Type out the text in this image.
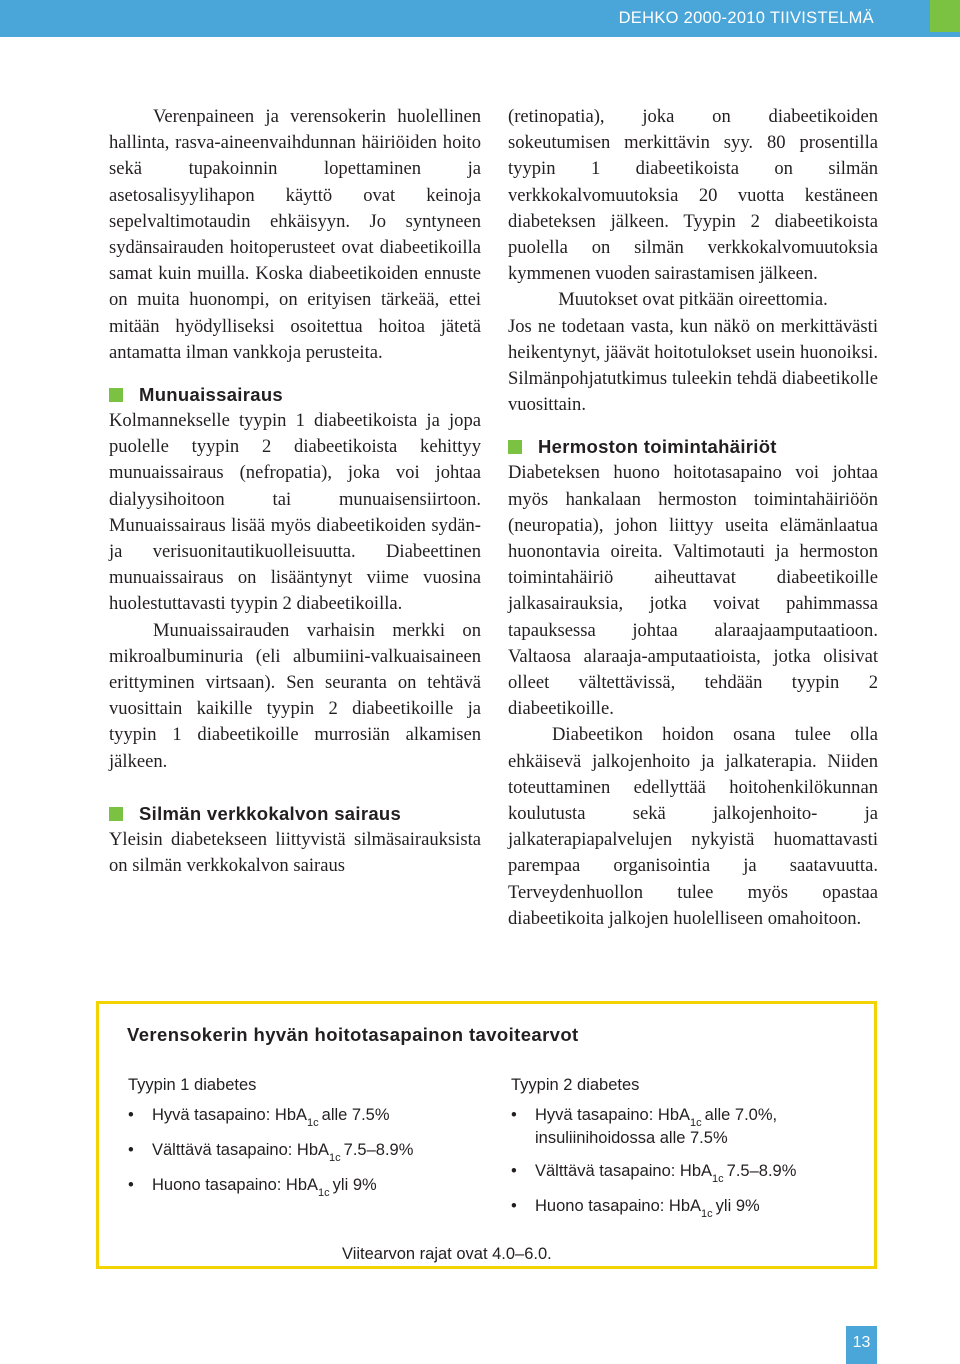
DEHKO 2000-2010 TIIVISTELMÄ

Verenpaineen ja verensokerin huolellinen hallinta, rasva-aineenvaihdunnan häiriöiden hoito sekä tupakoinnin lopettaminen ja asetosalisyylihapon käyttö ovat keinoja sepelvaltimotaudin ehkäisyyn. Jo syntyneen sydänsairauden hoitoperusteet ovat diabeetikoilla samat kuin muilla. Koska diabeetikoiden ennuste on muita huonompi, on erityisen tärkeää, ettei mitään hyödylliseksi osoitettua hoitoa jätetä antamatta ilman vankkoja perusteita.

Munuaissairaus

Kolmannekselle tyypin 1 diabeetikoista ja jopa puolelle tyypin 2 diabeetikoista kehittyy munuaissairaus (nefropatia), joka voi johtaa dialyysihoitoon tai munuaisensiirtoon. Munuaissairaus lisää myös diabeetikoiden sydän- ja verisuonitautikuolleisuutta. Diabeettinen munuaissairaus on lisääntynyt viime vuosina huolestuttavasti tyypin 2 diabeetikoilla.

Munuaissairauden varhaisin merkki on mikroalbuminuria (eli albumiini-valkuaisaineen erittyminen virtsaan). Sen seuranta on tehtävä vuosittain kaikille tyypin 2 diabeetikoille ja tyypin 1 diabeetikoille murrosiän alkamisen jälkeen.

Silmän verkkokalvon sairaus

Yleisin diabetekseen liittyvistä silmäsairauksista on silmän verkkokalvon sairaus

(retinopatia), joka on diabeetikoiden sokeutumisen merkittävin syy. 80 prosentilla tyypin 1 diabeetikoista on silmän verkkokalvomuutoksia 20 vuotta kestäneen diabeteksen jälkeen. Tyypin 2 diabeetikoista puolella on silmän verkkokalvomuutoksia kymmenen vuoden sairastamisen jälkeen.

Muutokset ovat pitkään oireettomia.

Jos ne todetaan vasta, kun näkö on merkittävästi heikentynyt, jäävät hoitotulokset usein huonoiksi. Silmänpohjatutkimus tuleekin tehdä diabeetikolle vuosittain.

Hermoston toimintahäiriöt

Diabeteksen huono hoitotasapaino voi johtaa myös hankalaan hermoston toimintahäiriöön (neuropatia), johon liittyy useita elämänlaatua huonontavia oireita. Valtimotauti ja hermoston toimintahäiriö aiheuttavat diabeetikoille jalkasairauksia, jotka voivat pahimmassa tapauksessa johtaa alaraajaamputaatioon. Valtaosa alaraaja-amputaatioista, jotka olisivat olleet vältettävissä, tehdään tyypin 2 diabeetikoille.

Diabeetikon hoidon osana tulee olla ehkäisevä jalkojenhoito ja jalkaterapia. Niiden toteuttaminen edellyttää hoitohenkilökunnan koulutusta sekä jalkojenhoito- ja jalkaterapiapalvelujen nykyistä huomattavasti parempaa organisointia ja saatavuutta. Terveydenhuollon tulee myös opastaa diabeetikoita jalkojen huolelliseen omahoitoon.

Verensokerin hyvän hoitotasapainon tavoitearvot
Tyypin 1 diabetes
• Hyvä tasapaino: HbA$_{1c}$ alle 7.5%
• Välttävä tasapaino: HbA$_{1c}$ 7.5–8.9%
• Huono tasapaino: HbA$_{1c}$ yli 9%
Tyypin 2 diabetes
• Hyvä tasapaino: HbA$_{1c}$ alle 7.0%, insuliinihoidossa alle 7.5%
• Välttävä tasapaino: HbA$_{1c}$ 7.5–8.9%
• Huono tasapaino: HbA$_{1c}$ yli 9%
Viitearvon rajat ovat 4.0–6.0.
13
